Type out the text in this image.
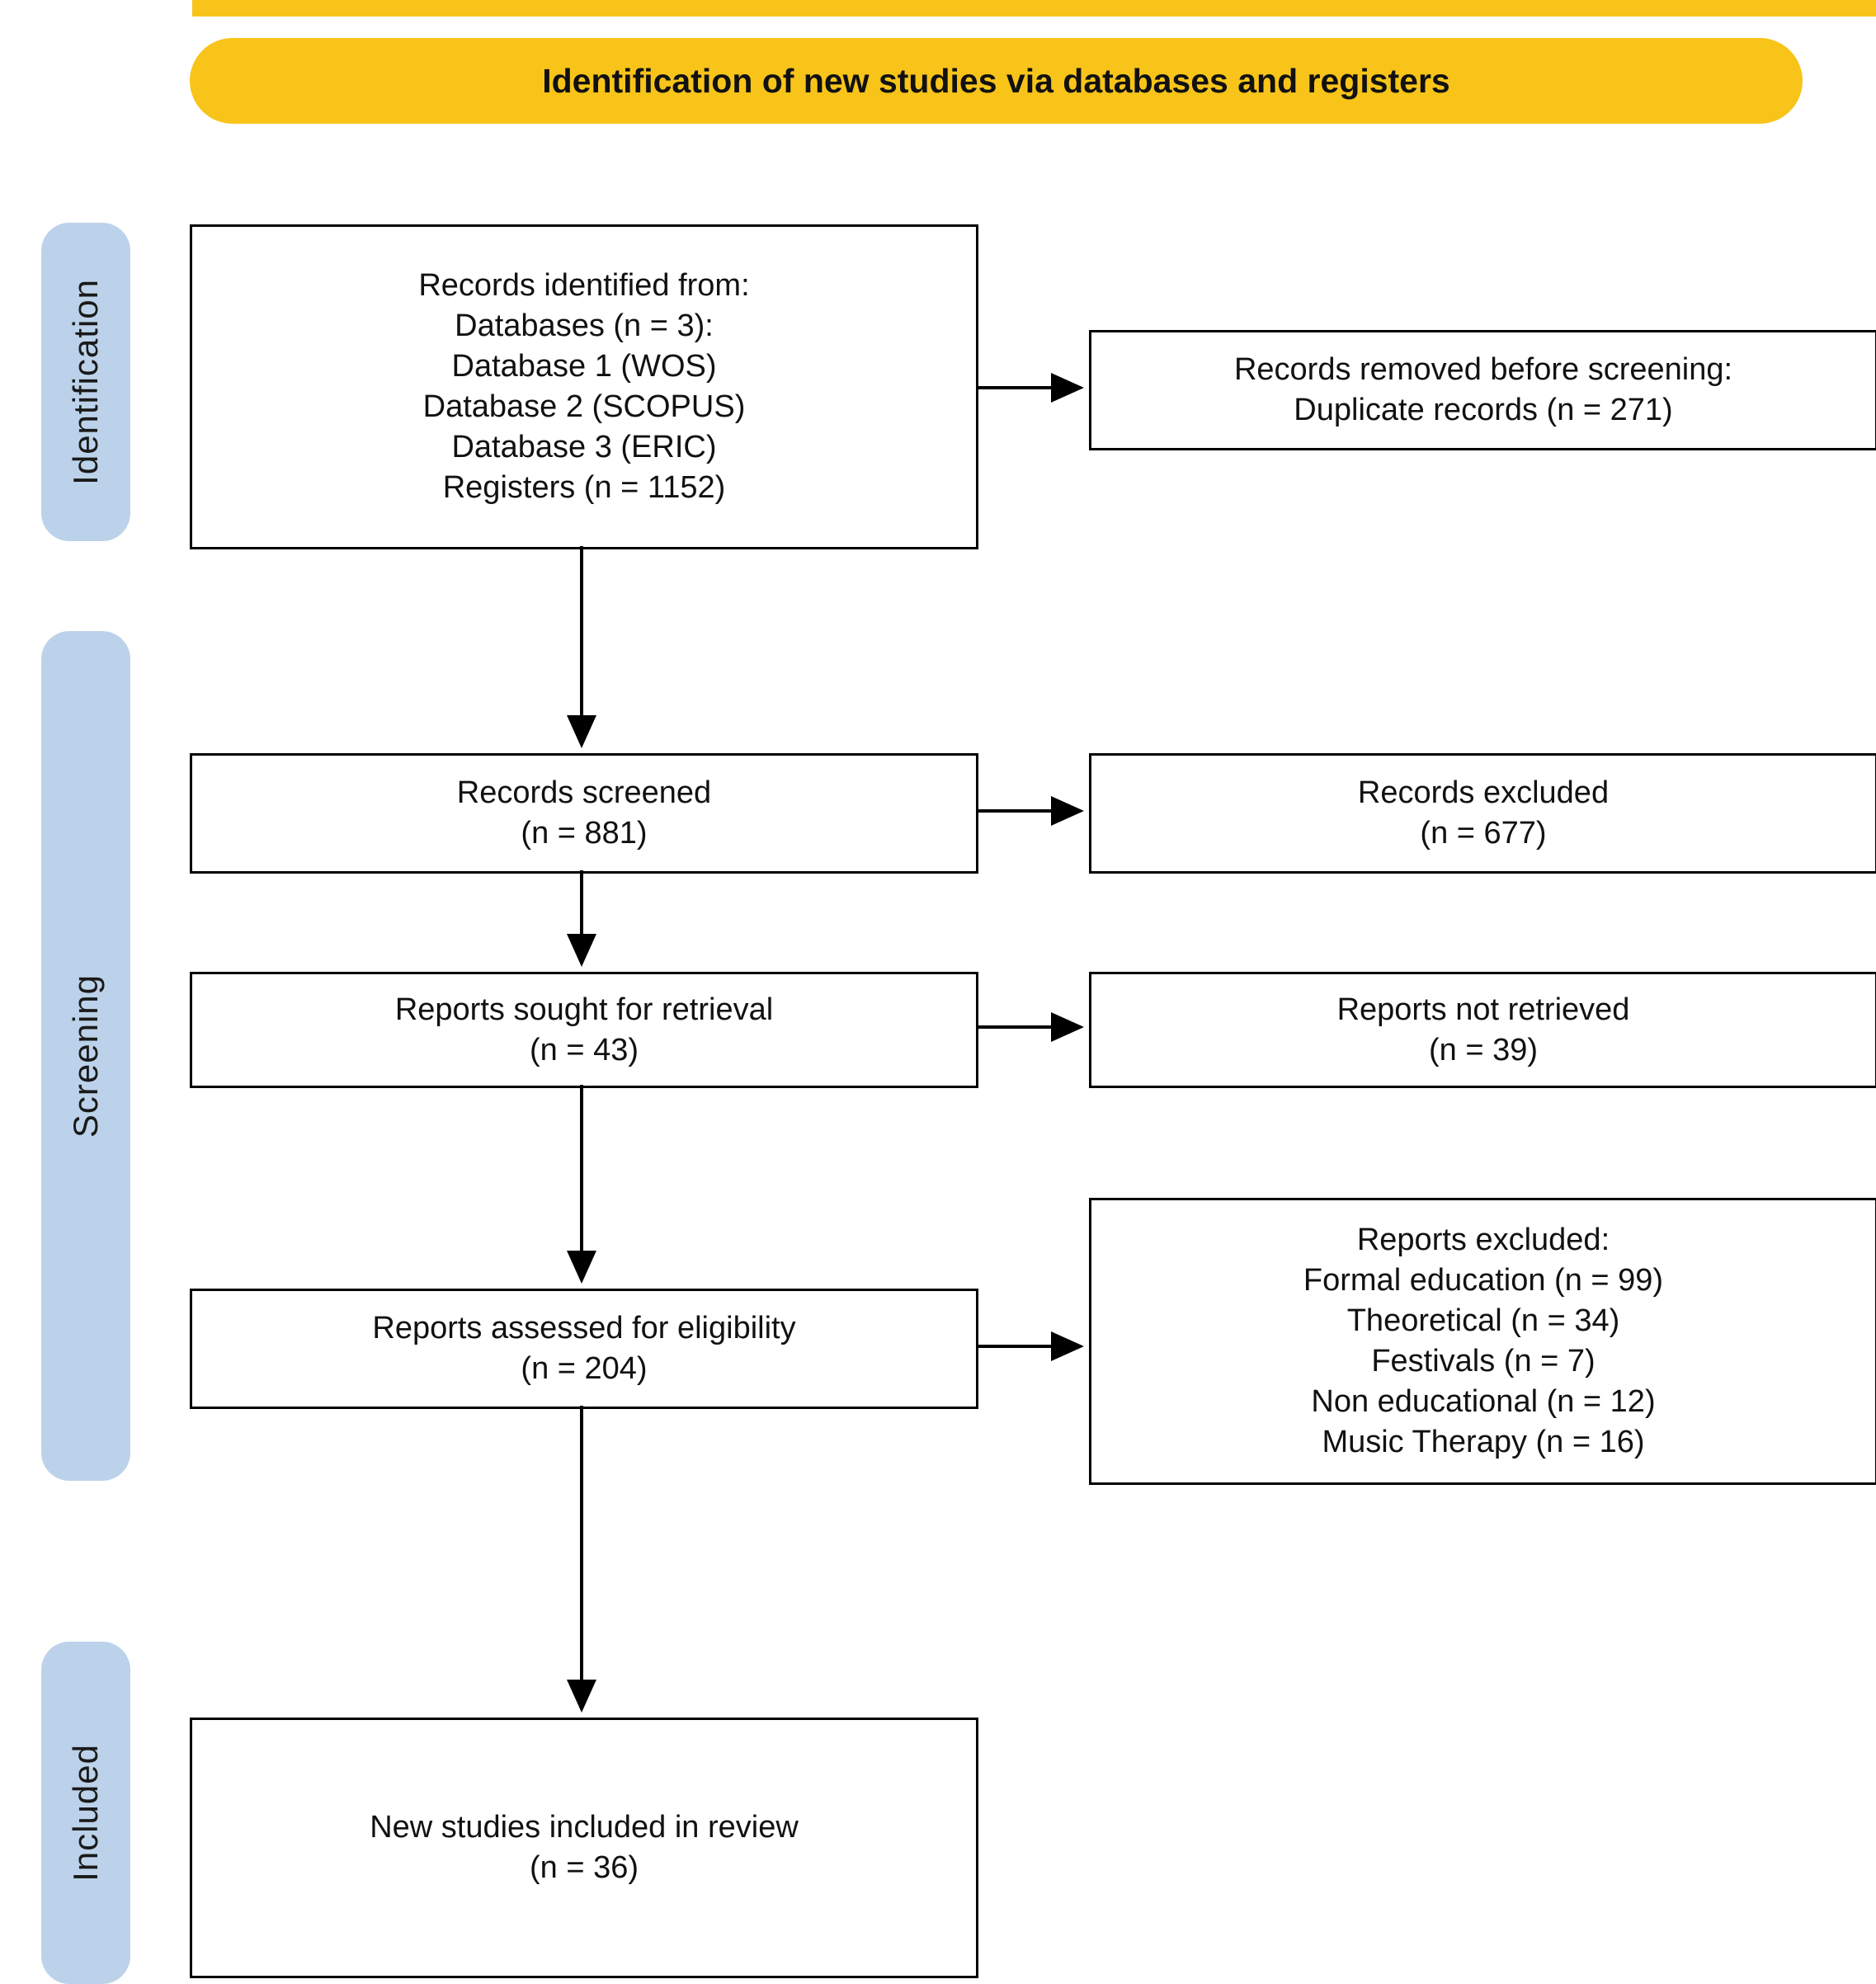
Identification of new studies via databases and registers
Identification
Screening
Included
Records identified from:
Databases (n = 3):
Database 1 (WOS)
Database 2 (SCOPUS)
Database 3 (ERIC)
Registers (n = 1152)
Records screened
(n = 881)
Reports sought for retrieval
(n = 43)
Reports assessed for eligibility
(n = 204)
New studies included in review
(n = 36)
Records removed before screening:
Duplicate records (n = 271)
Records excluded
(n = 677)
Reports not retrieved
(n = 39)
Reports excluded:
Formal education (n = 99)
Theoretical (n = 34)
Festivals (n = 7)
Non educational (n = 12)
Music Therapy (n = 16)
